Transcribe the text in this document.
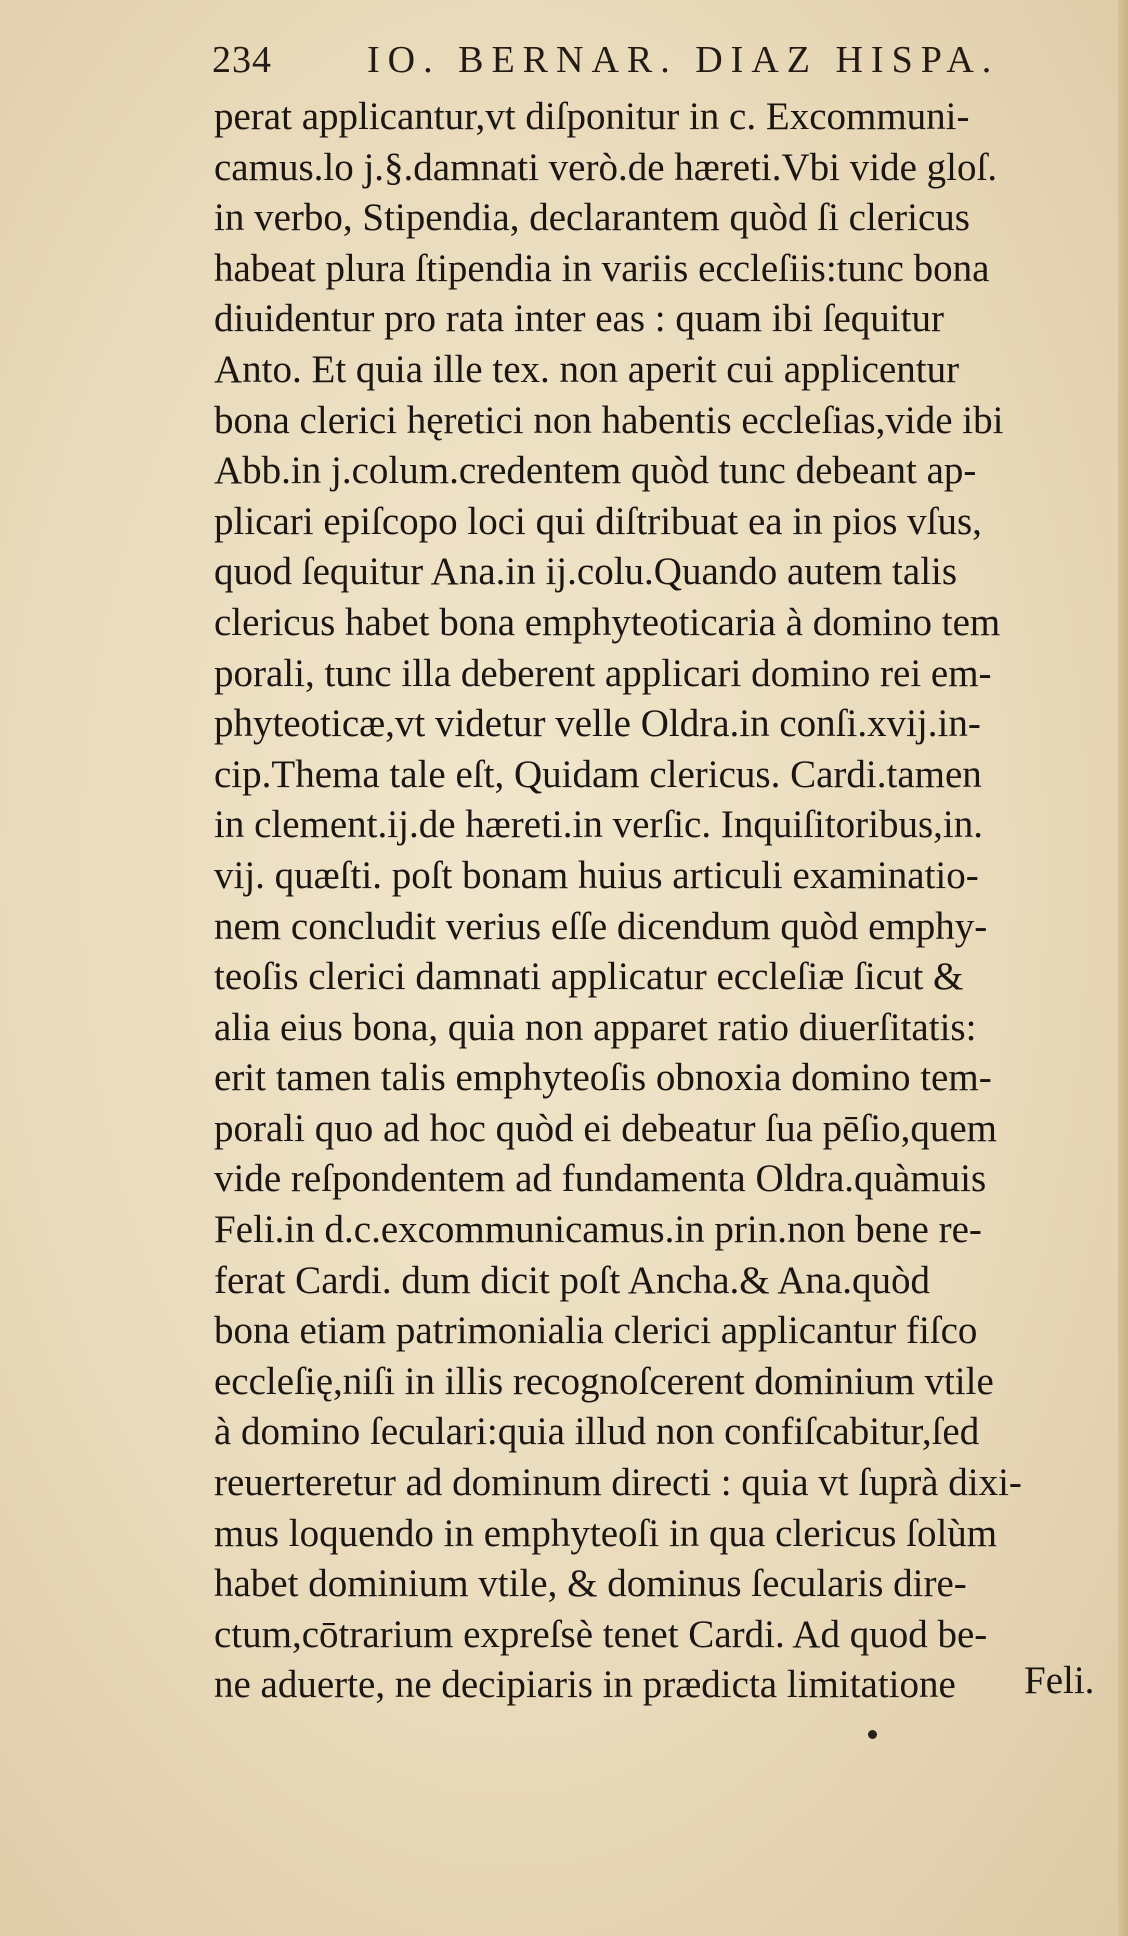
234	IO. BERNAR. DIAZ HISPA.
perat applicantur,vt diſponitur in c. Excommuni-
camus.lo j.§.damnati verò.de hæreti.Vbi vide gloſ.
in verbo, Stipendia, declarantem quòd ſi clericus
habeat plura ſtipendia in variis eccleſiis:tunc bona
diuidentur pro rata inter eas : quam ibi ſequitur
Anto. Et quia ille tex. non aperit cui applicentur
bona clerici hęretici non habentis eccleſias,vide ibi
Abb.in j.colum.credentem quòd tunc debeant ap-
plicari epiſcopo loci qui diſtribuat ea in pios vſus,
quod ſequitur Ana.in ij.colu.Quando autem talis
clericus habet bona emphyteoticaria à domino tem
porali, tunc illa deberent applicari domino rei em-
phyteoticæ,vt videtur velle Oldra.in conſi.xvij.in-
cip.Thema tale eſt, Quidam clericus. Cardi.tamen
in clement.ij.de hæreti.in verſic. Inquiſitoribus,in.
vij. quæſti. poſt bonam huius articuli examinatio-
nem concludit verius eſſe dicendum quòd emphy-
teoſis clerici damnati applicatur eccleſiæ ſicut &
alia eius bona, quia non apparet ratio diuerſitatis:
erit tamen talis emphyteoſis obnoxia domino tem-
porali quo ad hoc quòd ei debeatur ſua pēſio,quem
vide reſpondentem ad fundamenta Oldra.quàmuis
Feli.in d.c.excommunicamus.in prin.non bene re-
ferat Cardi. dum dicit poſt Ancha.& Ana.quòd
bona etiam patrimonialia clerici applicantur fiſco
eccleſię,niſi in illis recognoſcerent dominium vtile
à domino ſeculari:quia illud non confiſcabitur,ſed
reuerteretur ad dominum directi : quia vt ſuprà dixi-
mus loquendo in emphyteoſi in qua clericus ſolùm
habet dominium vtile, & dominus ſecularis dire-
ctum,cōtrarium expreſsè tenet Cardi. Ad quod be-
ne aduerte, ne decipiaris in prædicta limitatione	Feli.
